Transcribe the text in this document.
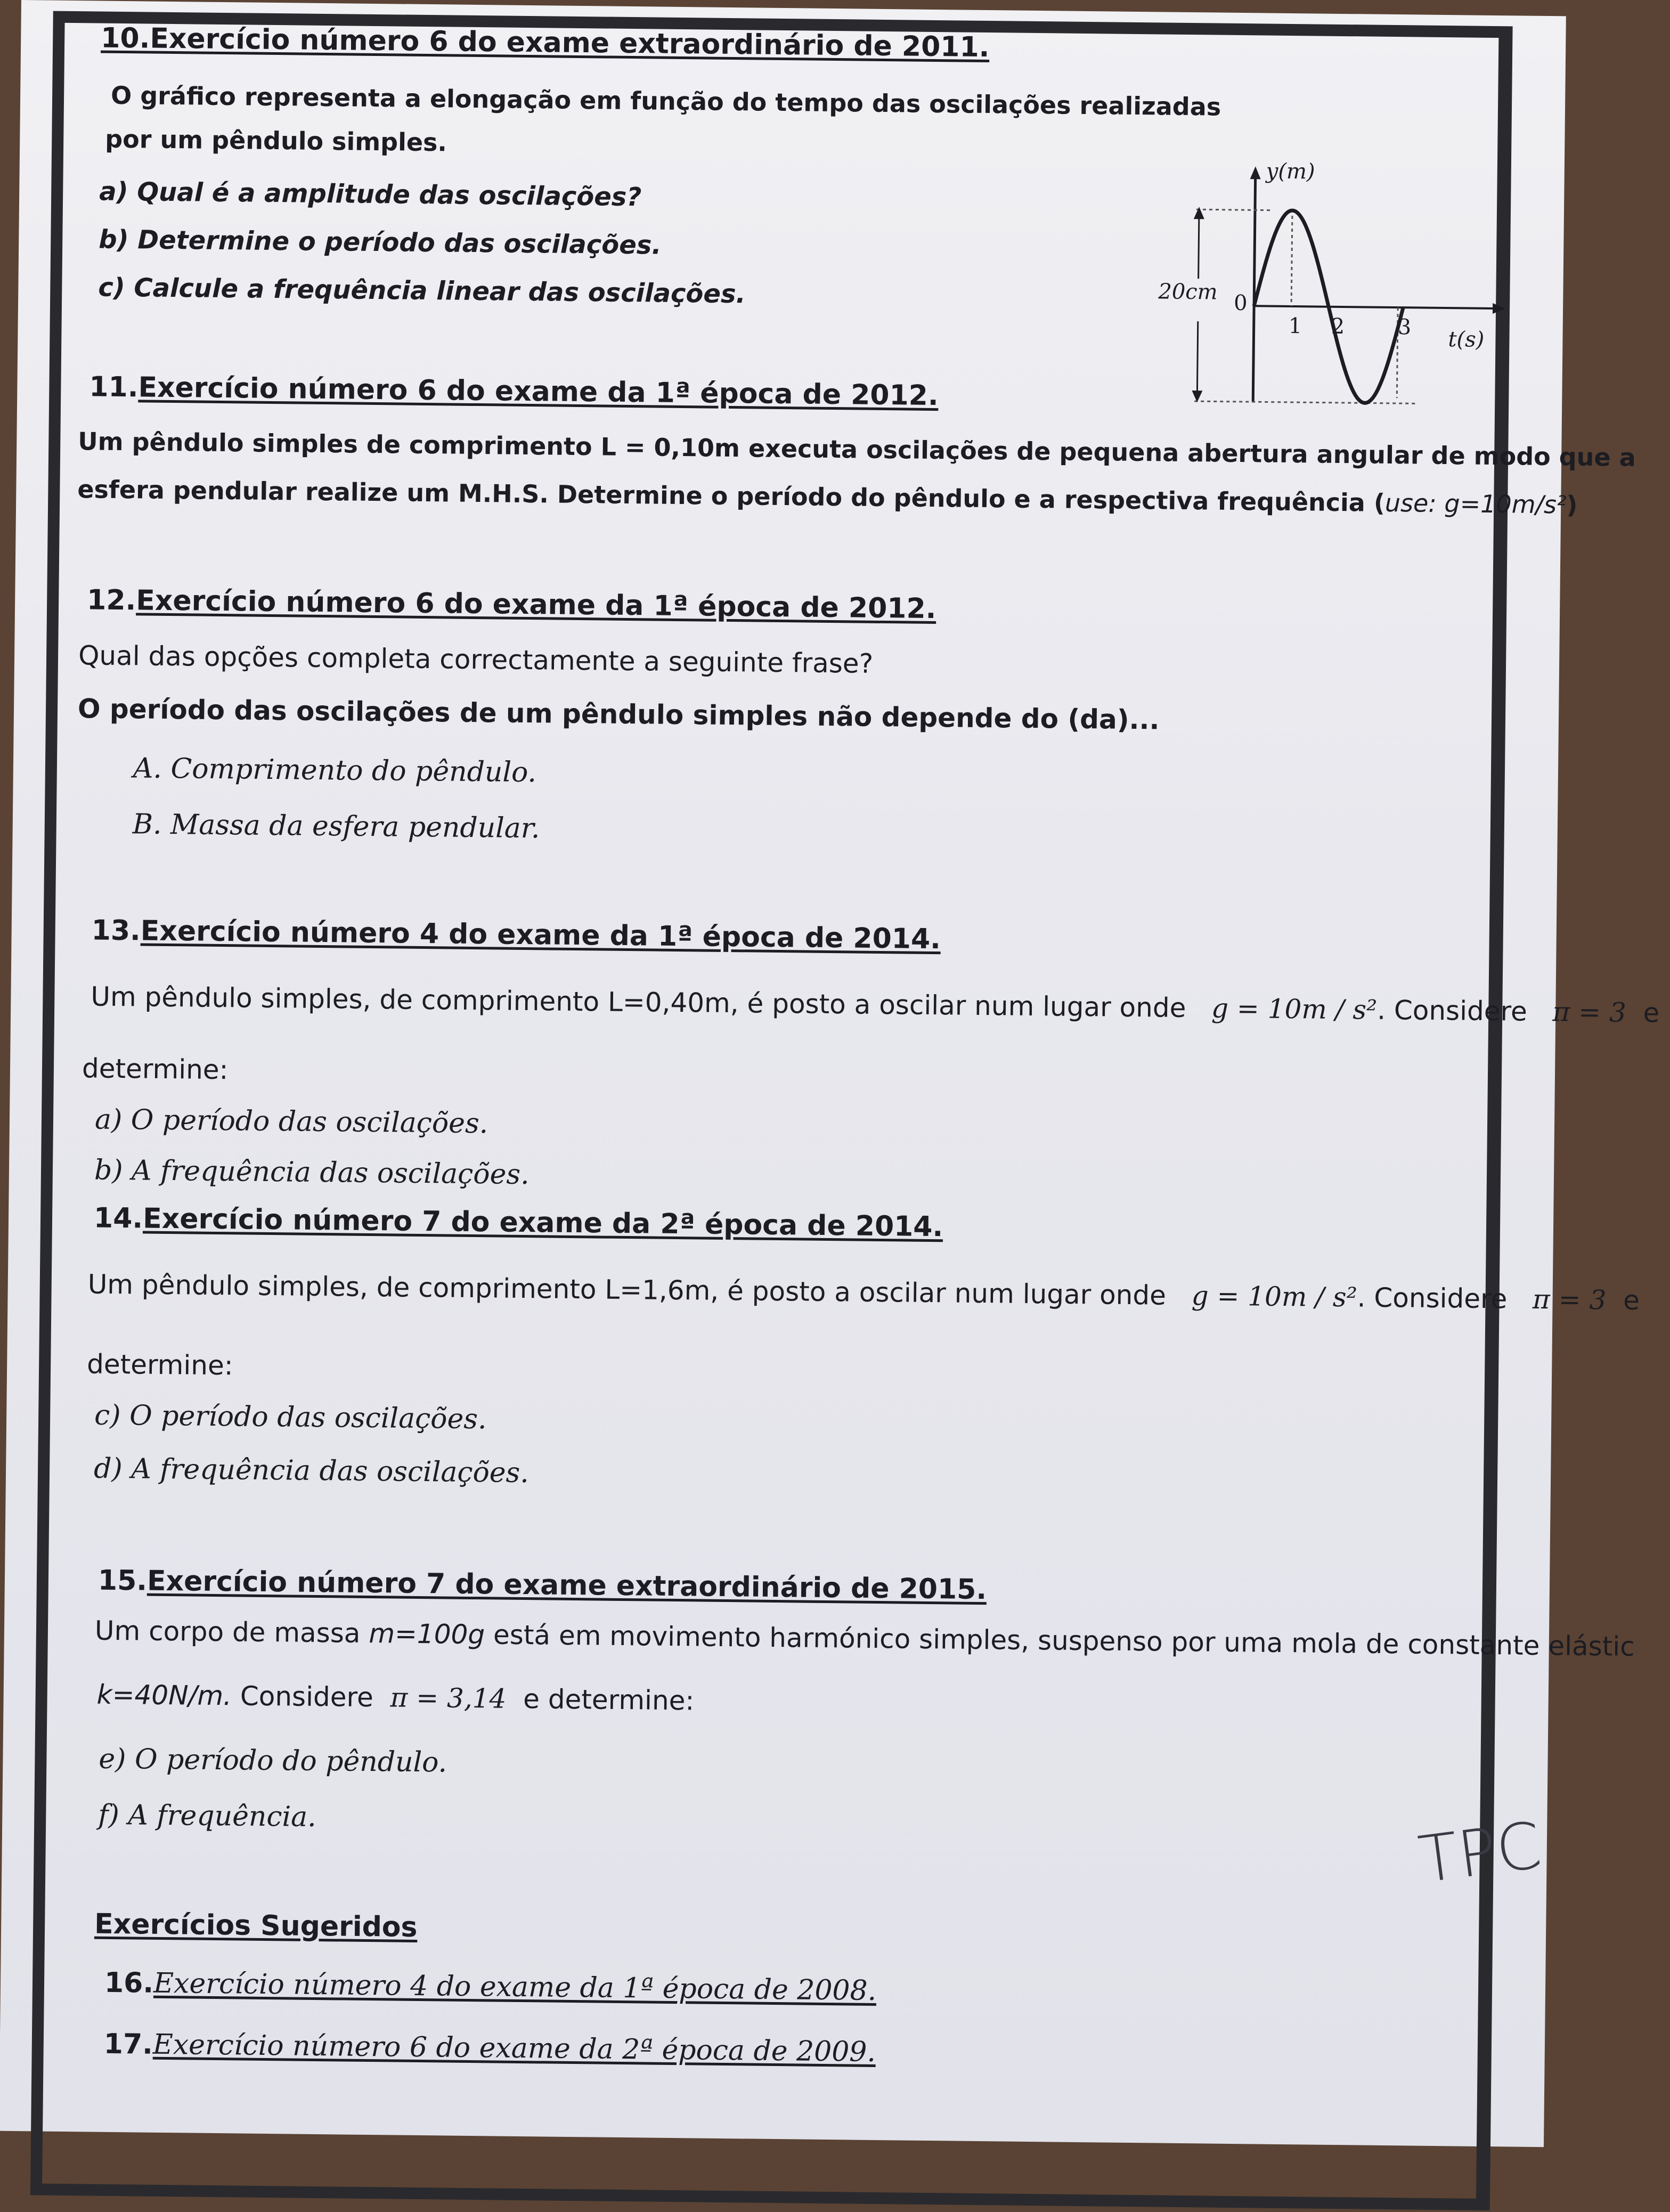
10.Exercício número 6 do exame extraordinário de 2011.
O gráfico representa a elongação em função do tempo das oscilações realizadas
por um pêndulo simples.
a) Qual é a amplitude das oscilações?
b) Determine o período das oscilações.
c) Calcule a frequência linear das oscilações.
y(m)
t(s)
20cm 0
1 2 3
11.Exercício número 6 do exame da 1ª época de 2012.
Um pêndulo simples de comprimento L = 0,10m executa oscilações de pequena abertura angular de modo que a
esfera pendular realize um M.H.S. Determine o período do pêndulo e a respectiva frequência (use: g=10m/s²)
12.Exercício número 6 do exame da 1ª época de 2012.
Qual das opções completa correctamente a seguinte frase?
O período das oscilações de um pêndulo simples não depende do (da)...
A. Comprimento do pêndulo.
B. Massa da esfera pendular.
13.Exercício número 4 do exame da 1ª época de 2014.
Um pêndulo simples, de comprimento L=0,40m, é posto a oscilar num lugar onde g = 10m / s². Considere π = 3 e
determine:
a) O período das oscilações.
b) A frequência das oscilações.
14.Exercício número 7 do exame da 2ª época de 2014.
Um pêndulo simples, de comprimento L=1,6m, é posto a oscilar num lugar onde g = 10m / s². Considere π = 3 e
determine:
c) O período das oscilações.
d) A frequência das oscilações.
15.Exercício número 7 do exame extraordinário de 2015.
Um corpo de massa m=100g está em movimento harmónico simples, suspenso por uma mola de constante elástic
k=40N/m. Considere π = 3,14 e determine:
e) O período do pêndulo.
f) A frequência.
Exercícios Sugeridos
16.Exercício número 4 do exame da 1ª época de 2008.
17.Exercício número 6 do exame da 2ª época de 2009.
TPC
